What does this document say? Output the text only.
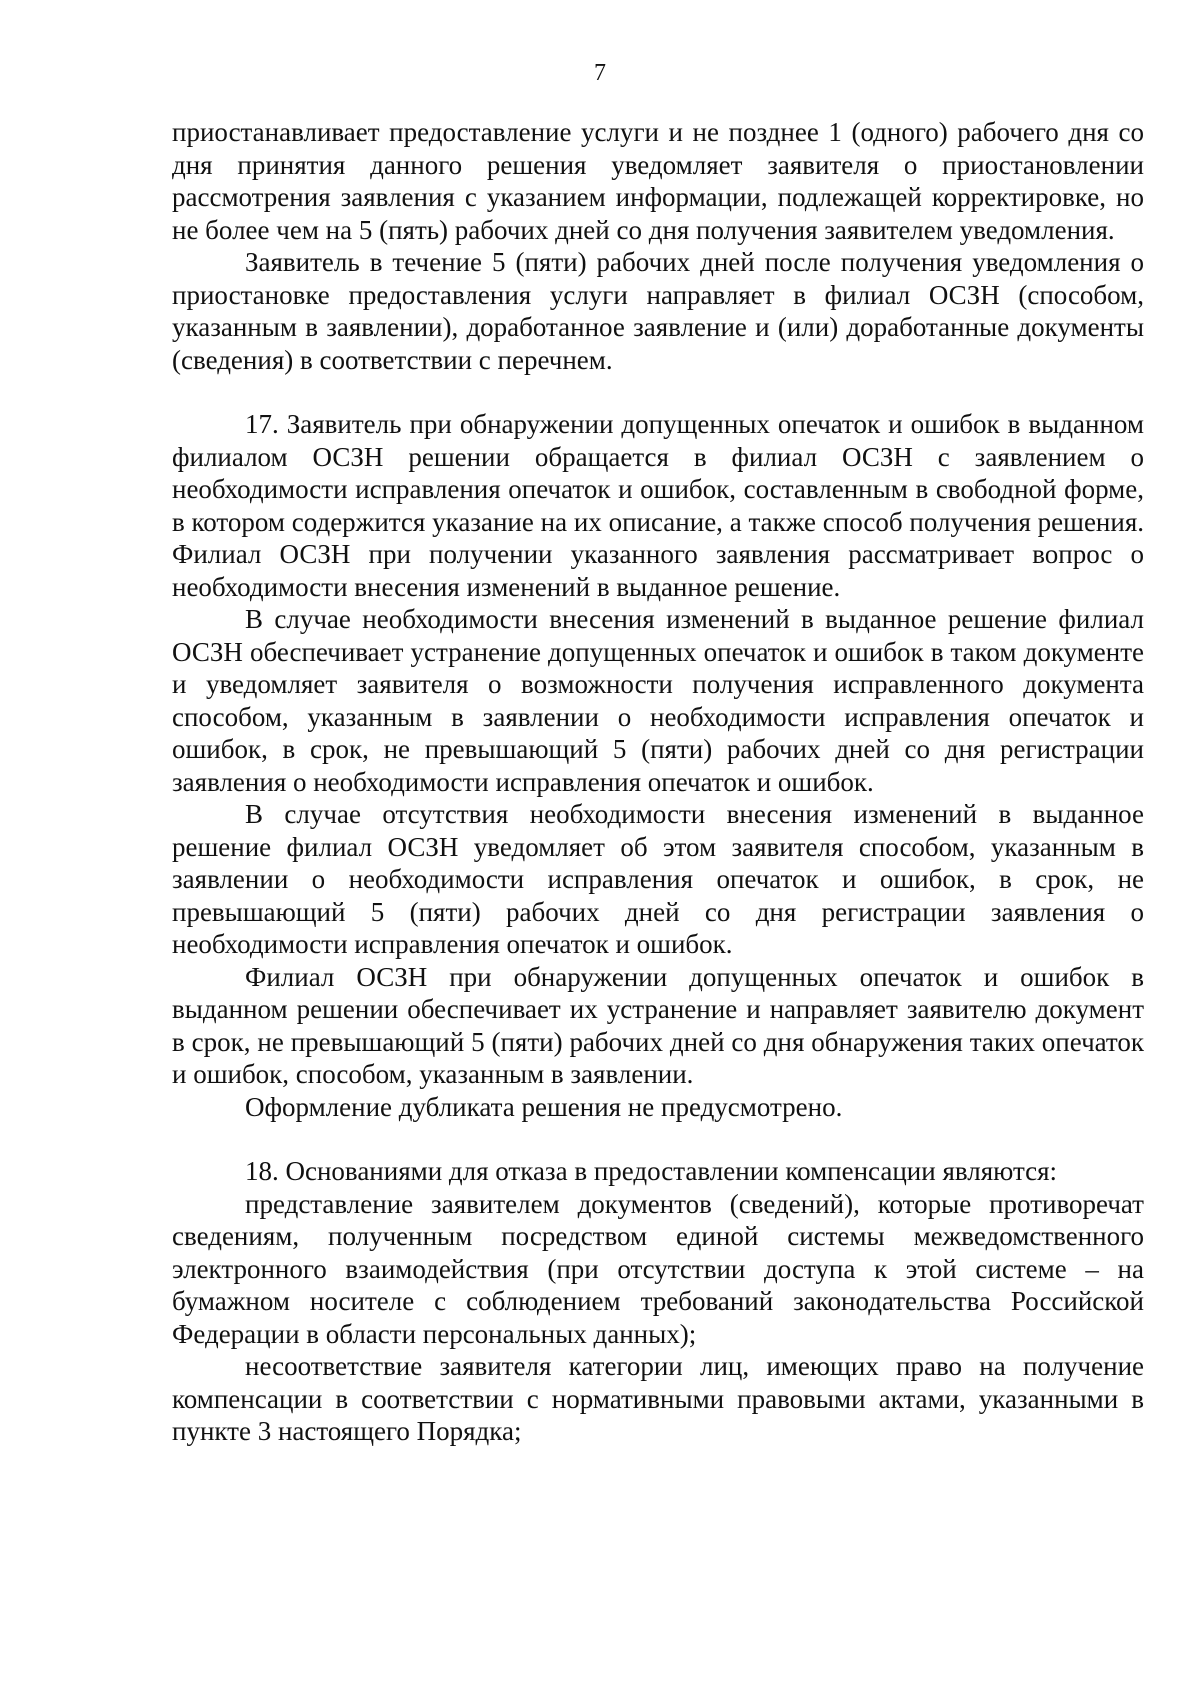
7

приостанавливает предоставление услуги и не позднее 1 (одного) рабочего дня со дня принятия данного решения уведомляет заявителя о приостановлении рассмотрения заявления с указанием информации, подлежащей корректировке, но не более чем на 5 (пять) рабочих дней со дня получения заявителем уведомления.

Заявитель в течение 5 (пяти) рабочих дней после получения уведомления о приостановке предоставления услуги направляет в филиал ОСЗН (способом, указанным в заявлении), доработанное заявление и (или) доработанные документы (сведения) в соответствии с перечнем.

17. Заявитель при обнаружении допущенных опечаток и ошибок в выданном филиалом ОСЗН решении обращается в филиал ОСЗН с заявлением о необходимости исправления опечаток и ошибок, составленным в свободной форме, в котором содержится указание на их описание, а также способ получения решения. Филиал ОСЗН при получении указанного заявления рассматривает вопрос о необходимости внесения изменений в выданное решение.

В случае необходимости внесения изменений в выданное решение филиал ОСЗН обеспечивает устранение допущенных опечаток и ошибок в таком документе и уведомляет заявителя о возможности получения исправленного документа способом, указанным в заявлении о необходимости исправления опечаток и ошибок, в срок, не превышающий 5 (пяти) рабочих дней со дня регистрации заявления о необходимости исправления опечаток и ошибок.

В случае отсутствия необходимости внесения изменений в выданное решение филиал ОСЗН уведомляет об этом заявителя способом, указанным в заявлении о необходимости исправления опечаток и ошибок, в срок, не превышающий 5 (пяти) рабочих дней со дня регистрации заявления о необходимости исправления опечаток и ошибок.

Филиал ОСЗН при обнаружении допущенных опечаток и ошибок в выданном решении обеспечивает их устранение и направляет заявителю документ в срок, не превышающий 5 (пяти) рабочих дней со дня обнаружения таких опечаток и ошибок, способом, указанным в заявлении.

Оформление дубликата решения не предусмотрено.

18. Основаниями для отказа в предоставлении компенсации являются:

представление заявителем документов (сведений), которые противоречат сведениям, полученным посредством единой системы межведомственного электронного взаимодействия (при отсутствии доступа к этой системе – на бумажном носителе с соблюдением требований законодательства Российской Федерации в области персональных данных);

несоответствие заявителя категории лиц, имеющих право на получение компенсации в соответствии с нормативными правовыми актами, указанными в пункте 3 настоящего Порядка;
